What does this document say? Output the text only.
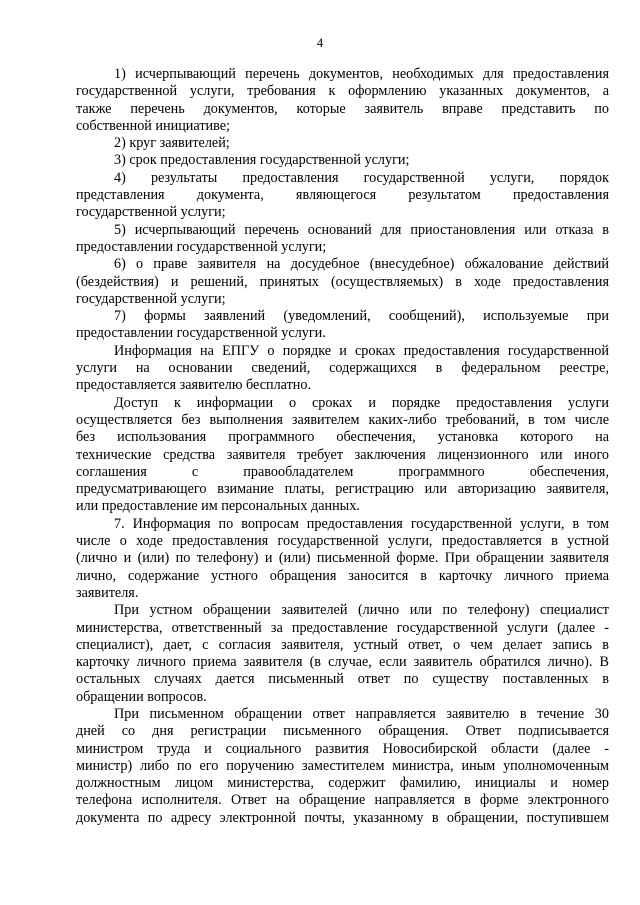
4
1) исчерпывающий перечень документов, необходимых для предоставления
государственной услуги, требования к оформлению указанных документов, а
также перечень документов, которые заявитель вправе представить по
собственной инициативе;
2) круг заявителей;
3) срок предоставления государственной услуги;
4) результаты предоставления государственной услуги, порядок
представления документа, являющегося результатом предоставления
государственной услуги;
5) исчерпывающий перечень оснований для приостановления или отказа в
предоставлении государственной услуги;
6) о праве заявителя на досудебное (внесудебное) обжалование действий
(бездействия) и решений, принятых (осуществляемых) в ходе предоставления
государственной услуги;
7) формы заявлений (уведомлений, сообщений), используемые при
предоставлении государственной услуги.
Информация на ЕПГУ о порядке и сроках предоставления государственной
услуги на основании сведений, содержащихся в федеральном реестре,
предоставляется заявителю бесплатно.
Доступ к информации о сроках и порядке предоставления услуги
осуществляется без выполнения заявителем каких-либо требований, в том числе
без использования программного обеспечения, установка которого на
технические средства заявителя требует заключения лицензионного или иного
соглашения с правообладателем программного обеспечения,
предусматривающего взимание платы, регистрацию или авторизацию заявителя,
или предоставление им персональных данных.
7. Информация по вопросам предоставления государственной услуги, в том
числе о ходе предоставления государственной услуги, предоставляется в устной
(лично и (или) по телефону) и (или) письменной форме. При обращении заявителя
лично, содержание устного обращения заносится в карточку личного приема
заявителя.
При устном обращении заявителей (лично или по телефону) специалист
министерства, ответственный за предоставление государственной услуги (далее -
специалист), дает, с согласия заявителя, устный ответ, о чем делает запись в
карточку личного приема заявителя (в случае, если заявитель обратился лично). В
остальных случаях дается письменный ответ по существу поставленных в
обращении вопросов.
При письменном обращении ответ направляется заявителю в течение 30
дней со дня регистрации письменного обращения. Ответ подписывается
министром труда и социального развития Новосибирской области (далее -
министр) либо по его поручению заместителем министра, иным уполномоченным
должностным лицом министерства, содержит фамилию, инициалы и номер
телефона исполнителя. Ответ на обращение направляется в форме электронного
документа по адресу электронной почты, указанному в обращении, поступившем
